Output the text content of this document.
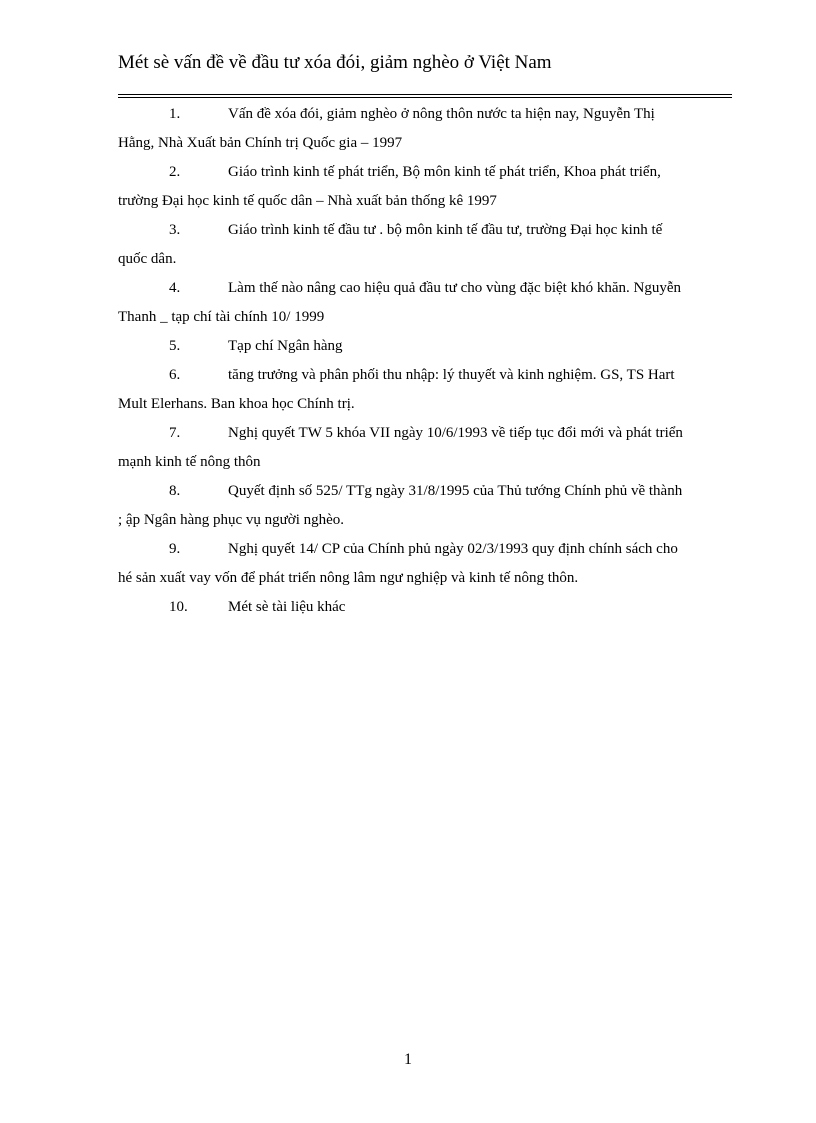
Mét sè vấn đề về đầu tư xóa đói, giảm nghèo ở Việt Nam

1.	Vấn đề xóa đói, giảm nghèo ở nông thôn nước ta hiện nay, Nguyễn Thị Hằng, Nhà Xuất bản Chính trị Quốc gia – 1997

2.	Giáo trình kinh tế phát triển, Bộ môn kinh tế phát triển, Khoa phát triển, trường Đại học kinh tế quốc dân – Nhà xuất bản thống kê 1997

3.	Giáo trình kinh tế đầu tư . bộ môn kinh tế đầu tư, trường Đại học kinh tế quốc dân.

4.	Làm thế nào nâng cao hiệu quả đầu tư cho vùng đặc biệt khó khăn. Nguyễn Thanh _ tạp chí tài chính 10/ 1999

5.	Tạp chí Ngân hàng

6.	tăng trưởng và phân phối thu nhập: lý thuyết và kinh nghiệm. GS, TS Hart Mult Elerhans. Ban khoa học Chính trị.

7.	Nghị quyết TW 5 khóa VII ngày 10/6/1993 về tiếp tục đổi mới và phát triển mạnh kinh tế nông thôn

8.	Quyết định số 525/ TTg ngày 31/8/1995 của Thủ tướng Chính phủ về thành ; ập Ngân hàng phục vụ người nghèo.

9.	Nghị quyết 14/ CP của Chính phủ ngày 02/3/1993 quy định chính sách cho hé sản xuất vay vốn để phát triển nông lâm ngư nghiệp và kinh tế nông thôn.

10.	Mét sè tài liệu khác

1
